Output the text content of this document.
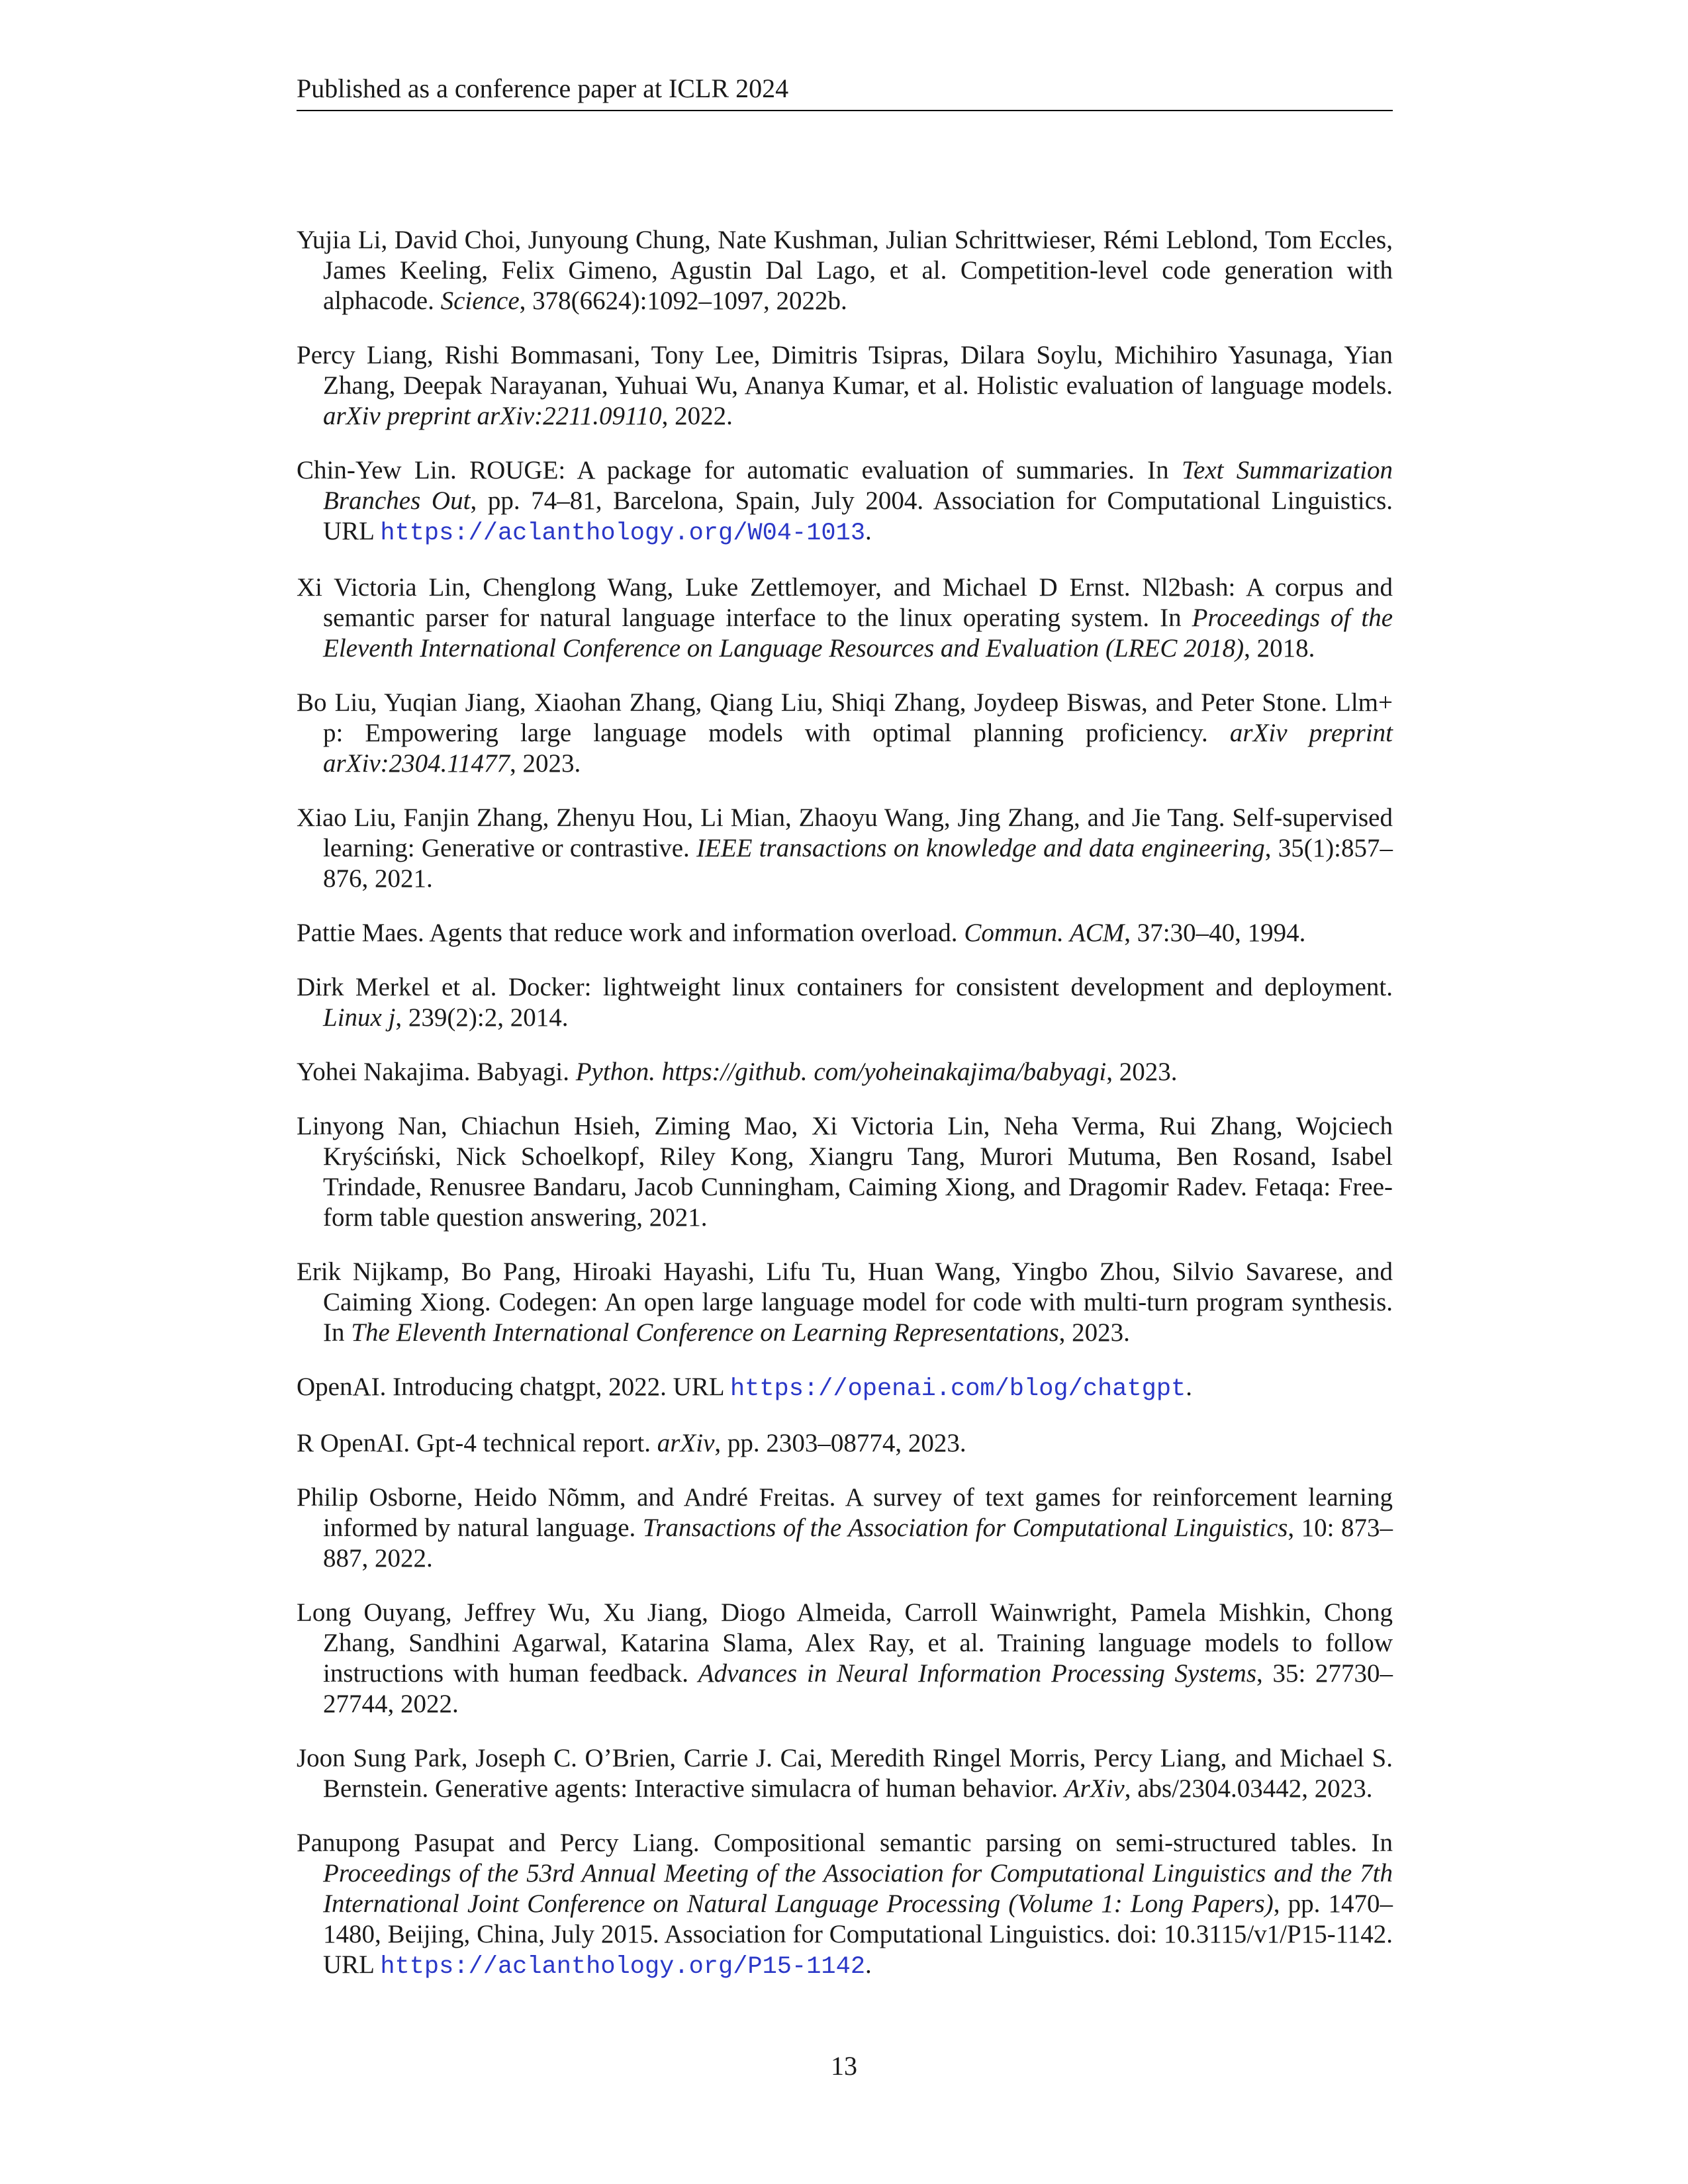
Published as a conference paper at ICLR 2024
Yujia Li, David Choi, Junyoung Chung, Nate Kushman, Julian Schrittwieser, Rémi Leblond, Tom Eccles, James Keeling, Felix Gimeno, Agustin Dal Lago, et al. Competition-level code generation with alphacode. Science, 378(6624):1092–1097, 2022b.
Percy Liang, Rishi Bommasani, Tony Lee, Dimitris Tsipras, Dilara Soylu, Michihiro Yasunaga, Yian Zhang, Deepak Narayanan, Yuhuai Wu, Ananya Kumar, et al. Holistic evaluation of language models. arXiv preprint arXiv:2211.09110, 2022.
Chin-Yew Lin. ROUGE: A package for automatic evaluation of summaries. In Text Summarization Branches Out, pp. 74–81, Barcelona, Spain, July 2004. Association for Computational Linguistics. URL https://aclanthology.org/W04-1013.
Xi Victoria Lin, Chenglong Wang, Luke Zettlemoyer, and Michael D Ernst. Nl2bash: A corpus and semantic parser for natural language interface to the linux operating system. In Proceedings of the Eleventh International Conference on Language Resources and Evaluation (LREC 2018), 2018.
Bo Liu, Yuqian Jiang, Xiaohan Zhang, Qiang Liu, Shiqi Zhang, Joydeep Biswas, and Peter Stone. Llm+ p: Empowering large language models with optimal planning proficiency. arXiv preprint arXiv:2304.11477, 2023.
Xiao Liu, Fanjin Zhang, Zhenyu Hou, Li Mian, Zhaoyu Wang, Jing Zhang, and Jie Tang. Self-supervised learning: Generative or contrastive. IEEE transactions on knowledge and data engineering, 35(1):857–876, 2021.
Pattie Maes. Agents that reduce work and information overload. Commun. ACM, 37:30–40, 1994.
Dirk Merkel et al. Docker: lightweight linux containers for consistent development and deployment. Linux j, 239(2):2, 2014.
Yohei Nakajima. Babyagi. Python. https://github. com/yoheinakajima/babyagi, 2023.
Linyong Nan, Chiachun Hsieh, Ziming Mao, Xi Victoria Lin, Neha Verma, Rui Zhang, Wojciech Kryściński, Nick Schoelkopf, Riley Kong, Xiangru Tang, Murori Mutuma, Ben Rosand, Isabel Trindade, Renusree Bandaru, Jacob Cunningham, Caiming Xiong, and Dragomir Radev. Fetaqa: Free-form table question answering, 2021.
Erik Nijkamp, Bo Pang, Hiroaki Hayashi, Lifu Tu, Huan Wang, Yingbo Zhou, Silvio Savarese, and Caiming Xiong. Codegen: An open large language model for code with multi-turn program synthesis. In The Eleventh International Conference on Learning Representations, 2023.
OpenAI. Introducing chatgpt, 2022. URL https://openai.com/blog/chatgpt.
R OpenAI. Gpt-4 technical report. arXiv, pp. 2303–08774, 2023.
Philip Osborne, Heido Nõmm, and André Freitas. A survey of text games for reinforcement learning informed by natural language. Transactions of the Association for Computational Linguistics, 10: 873–887, 2022.
Long Ouyang, Jeffrey Wu, Xu Jiang, Diogo Almeida, Carroll Wainwright, Pamela Mishkin, Chong Zhang, Sandhini Agarwal, Katarina Slama, Alex Ray, et al. Training language models to follow instructions with human feedback. Advances in Neural Information Processing Systems, 35: 27730–27744, 2022.
Joon Sung Park, Joseph C. O’Brien, Carrie J. Cai, Meredith Ringel Morris, Percy Liang, and Michael S. Bernstein. Generative agents: Interactive simulacra of human behavior. ArXiv, abs/2304.03442, 2023.
Panupong Pasupat and Percy Liang. Compositional semantic parsing on semi-structured tables. In Proceedings of the 53rd Annual Meeting of the Association for Computational Linguistics and the 7th International Joint Conference on Natural Language Processing (Volume 1: Long Papers), pp. 1470–1480, Beijing, China, July 2015. Association for Computational Linguistics. doi: 10.3115/v1/P15-1142. URL https://aclanthology.org/P15-1142.
13
